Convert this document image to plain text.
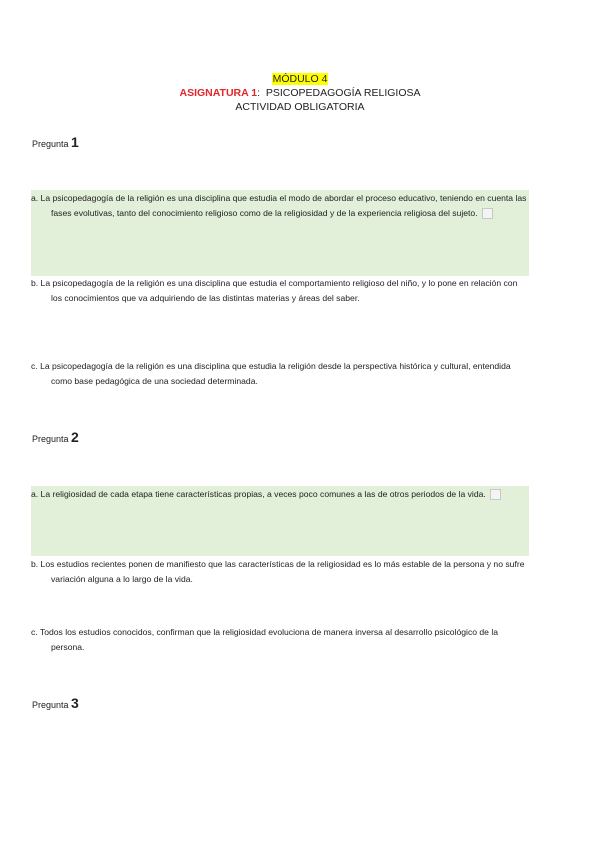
MÓDULO 4
ASIGNATURA 1: PSICOPEDAGOGÍA RELIGIOSA
ACTIVIDAD OBLIGATORIA
Pregunta 1
a. La psicopedagogía de la religión es una disciplina que estudia el modo de abordar el proceso educativo, teniendo en cuenta las fases evolutivas, tanto del conocimiento religioso como de la religiosidad y de la experiencia religiosa del sujeto.
b. La psicopedagogía de la religión es una disciplina que estudia el comportamiento religioso del niño, y lo pone en relación con los conocimientos que va adquiriendo de las distintas materias y áreas del saber.
c. La psicopedagogía de la religión es una disciplina que estudia la religión desde la perspectiva histórica y cultural, entendida como base pedagógica de una sociedad determinada.
Pregunta 2
a. La religiosidad de cada etapa tiene características propias, a veces poco comunes a las de otros periodos de la vida.
b. Los estudios recientes ponen de manifiesto que las características de la religiosidad es lo más estable de la persona y no sufre variación alguna a lo largo de la vida.
c. Todos los estudios conocidos, confirman que la religiosidad evoluciona de manera inversa al desarrollo psicológico de la persona.
Pregunta 3
